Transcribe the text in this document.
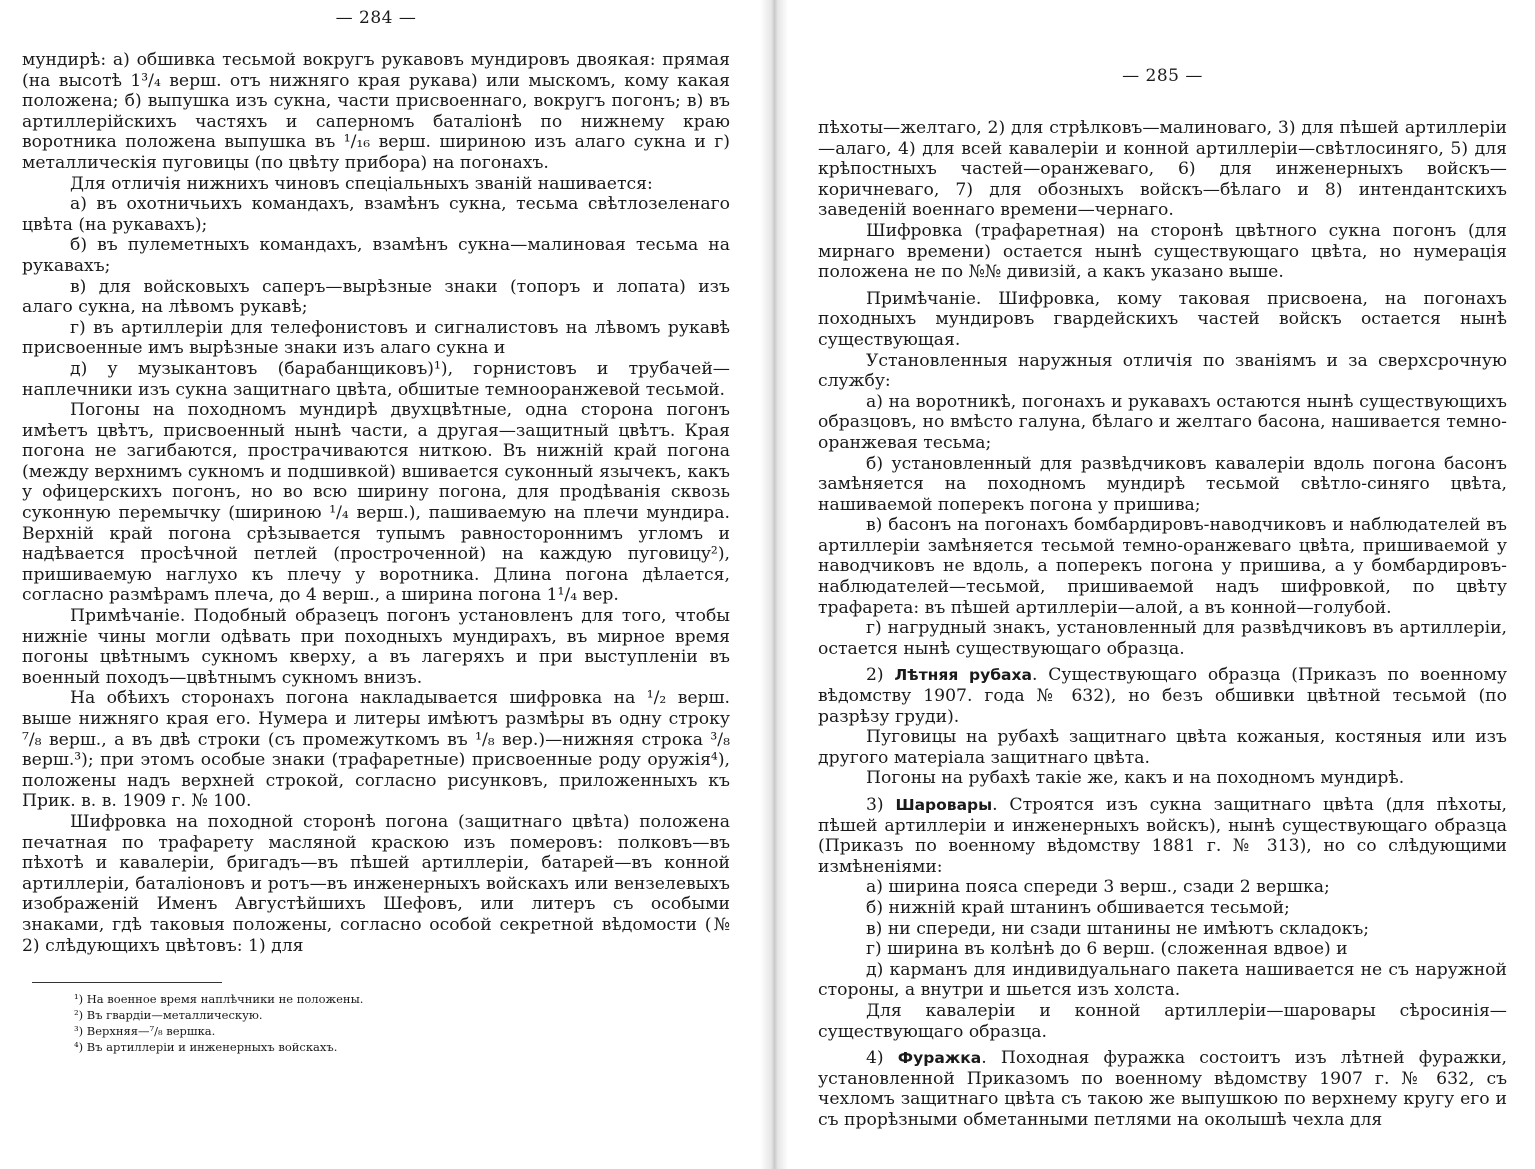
— 284 —

мундирѣ: а) обшивка тесьмой вокругъ рукавовъ мундировъ двоякая: прямая (на высотѣ 1³/₄ верш. отъ нижняго края рукава) или мыскомъ, кому какая положена; б) выпушка изъ сукна, части присвоеннаго, вокругъ погонъ; в) въ артиллерійскихъ частяхъ и саперномъ баталіонѣ по нижнему краю воротника положена выпушка въ ¹/₁₆ верш. шириною изъ алаго сукна и г) металлическія пуговицы (по цвѣту прибора) на погонахъ.

Для отличія нижнихъ чиновъ спеціальныхъ званій нашивается:

а) въ охотничьихъ командахъ, взамѣнъ сукна, тесьма свѣтлозеленаго цвѣта (на рукавахъ);

б) въ пулеметныхъ командахъ, взамѣнъ сукна—малиновая тесьма на рукавахъ;

в) для войсковыхъ саперъ—вырѣзные знаки (топоръ и лопата) изъ алаго сукна, на лѣвомъ рукавѣ;

г) въ артиллеріи для телефонистовъ и сигналистовъ на лѣвомъ рукавѣ присвоенные имъ вырѣзные знаки изъ алаго сукна и

д) у музыкантовъ (барабанщиковъ)¹), горнистовъ и трубачей—наплечники изъ сукна защитнаго цвѣта, обшитые темнооранжевой тесьмой.

Погоны на походномъ мундирѣ двухцвѣтные, одна сторона погонъ имѣетъ цвѣтъ, присвоенный нынѣ части, а другая—защитный цвѣтъ. Края погона не загибаются, прострачиваются ниткою. Въ нижній край погона (между верхнимъ сукномъ и подшивкой) вшивается суконный язычекъ, какъ у офицерскихъ погонъ, но во всю ширину погона, для продѣванія сквозь суконную перемычку (шириною ¹/₄ верш.), пашиваемую на плечи мундира. Верхній край погона срѣзывается тупымъ равностороннимъ угломъ и надѣвается просѣчной петлей (простроченной) на каждую пуговицу²), пришиваемую наглухо къ плечу у воротника. Длина погона дѣлается, согласно размѣрамъ плеча, до 4 верш., а ширина погона 1¹/₄ вер.

Примѣчаніе. Подобный образецъ погонъ установленъ для того, чтобы нижніе чины могли одѣвать при походныхъ мундирахъ, въ мирное время погоны цвѣтнымъ сукномъ кверху, а въ лагеряхъ и при выступленіи въ военный походъ—цвѣтнымъ сукномъ внизъ.

На обѣихъ сторонахъ погона накладывается шифровка на ¹/₂ верш. выше нижняго края его. Нумера и литеры имѣютъ размѣры въ одну строку ⁷/₈ верш., а въ двѣ строки (съ промежуткомъ въ ¹/₈ вер.)—нижняя строка ³/₈ верш.³); при этомъ особые знаки (трафаретные) присвоенные роду оружія⁴), положены надъ верхней строкой, согласно рисунковъ, приложенныхъ къ Прик. в. в. 1909 г. № 100.

Шифровка на походной сторонѣ погона (защитнаго цвѣта) положена печатная по трафарету масляной краскою изъ померовъ: полковъ—въ пѣхотѣ и кавалеріи, бригадъ—въ пѣшей артиллеріи, батарей—въ конной артиллеріи, баталіоновъ и ротъ—въ инженерныхъ войскахъ или вензелевыхъ изображеній Именъ Августѣйшихъ Шефовъ, или литеръ съ особыми знаками, гдѣ таковыя положены, согласно особой секретной вѣдомости (№ 2) слѣдующихъ цвѣтовъ: 1) для

¹) На военное время наплѣчники не положены.
²) Въ гвардіи—металлическую.
³) Верхняя—⁷/₈ вершка.
⁴) Въ артиллеріи и инженерныхъ войскахъ.
— 285 —

пѣхоты—желтаго, 2) для стрѣлковъ—малиноваго, 3) для пѣшей артиллеріи—алаго, 4) для всей кавалеріи и конной артиллеріи—свѣтлосиняго, 5) для крѣпостныхъ частей—оранжеваго, 6) для инженерныхъ войскъ—коричневаго, 7) для обозныхъ войскъ—бѣлаго и 8) интендантскихъ заведеній военнаго времени—чернаго.

Шифровка (трафаретная) на сторонѣ цвѣтного сукна погонъ (для мирнаго времени) остается нынѣ существующаго цвѣта, но нумерація положена не по №№ дивизій, а какъ указано выше.

Примѣчаніе. Шифровка, кому таковая присвоена, на погонахъ походныхъ мундировъ гвардейскихъ частей войскъ остается нынѣ существующая.

Установленныя наружныя отличія по званіямъ и за сверхсрочную службу:

а) на воротникѣ, погонахъ и рукавахъ остаются нынѣ существующихъ образцовъ, но вмѣсто галуна, бѣлаго и желтаго басона, нашивается темно-оранжевая тесьма;

б) установленный для развѣдчиковъ кавалеріи вдоль погона басонъ замѣняется на походномъ мундирѣ тесьмой свѣтло-синяго цвѣта, нашиваемой поперекъ погона у пришива;

в) басонъ на погонахъ бомбардировъ-наводчиковъ и наблюдателей въ артиллеріи замѣняется тесьмой темно-оранжеваго цвѣта, пришиваемой у наводчиковъ не вдоль, а поперекъ погона у пришива, а у бомбардировъ-наблюдателей—тесьмой, пришиваемой надъ шифровкой, по цвѣту трафарета: въ пѣшей артиллеріи—алой, а въ конной—голубой.

г) нагрудный знакъ, установленный для развѣдчиковъ въ артиллеріи, остается нынѣ существующаго образца.

2) Лѣтняя рубаха. Существующаго образца (Приказъ по военному вѣдомству 1907. года № 632), но безъ обшивки цвѣтной тесьмой (по разрѣзу груди).

Пуговицы на рубахѣ защитнаго цвѣта кожаныя, костяныя или изъ другого матеріала защитнаго цвѣта.

Погоны на рубахѣ такіе же, какъ и на походномъ мундирѣ.

3) Шаровары. Строятся изъ сукна защитнаго цвѣта (для пѣхоты, пѣшей артиллеріи и инженерныхъ войскъ), нынѣ существующаго образца (Приказъ по военному вѣдомству 1881 г. № 313), но со слѣдующими измѣненіями:

а) ширина пояса спереди 3 верш., сзади 2 вершка;

б) нижній край штанинъ обшивается тесьмой;

в) ни спереди, ни сзади штанины не имѣютъ складокъ;

г) ширина въ колѣнѣ до 6 верш. (сложенная вдвое) и

д) карманъ для индивидуальнаго пакета нашивается не съ наружной стороны, а внутри и шьется изъ холста.

Для кавалеріи и конной артиллеріи—шаровары сѣросинія—существующаго образца.

4) Фуражка. Походная фуражка состоитъ изъ лѣтней фуражки, установленной Приказомъ по военному вѣдомству 1907 г. № 632, съ чехломъ защитнаго цвѣта съ такою же выпушкою по верхнему кругу его и съ прорѣзными обметанными петлями на околышѣ чехла для
